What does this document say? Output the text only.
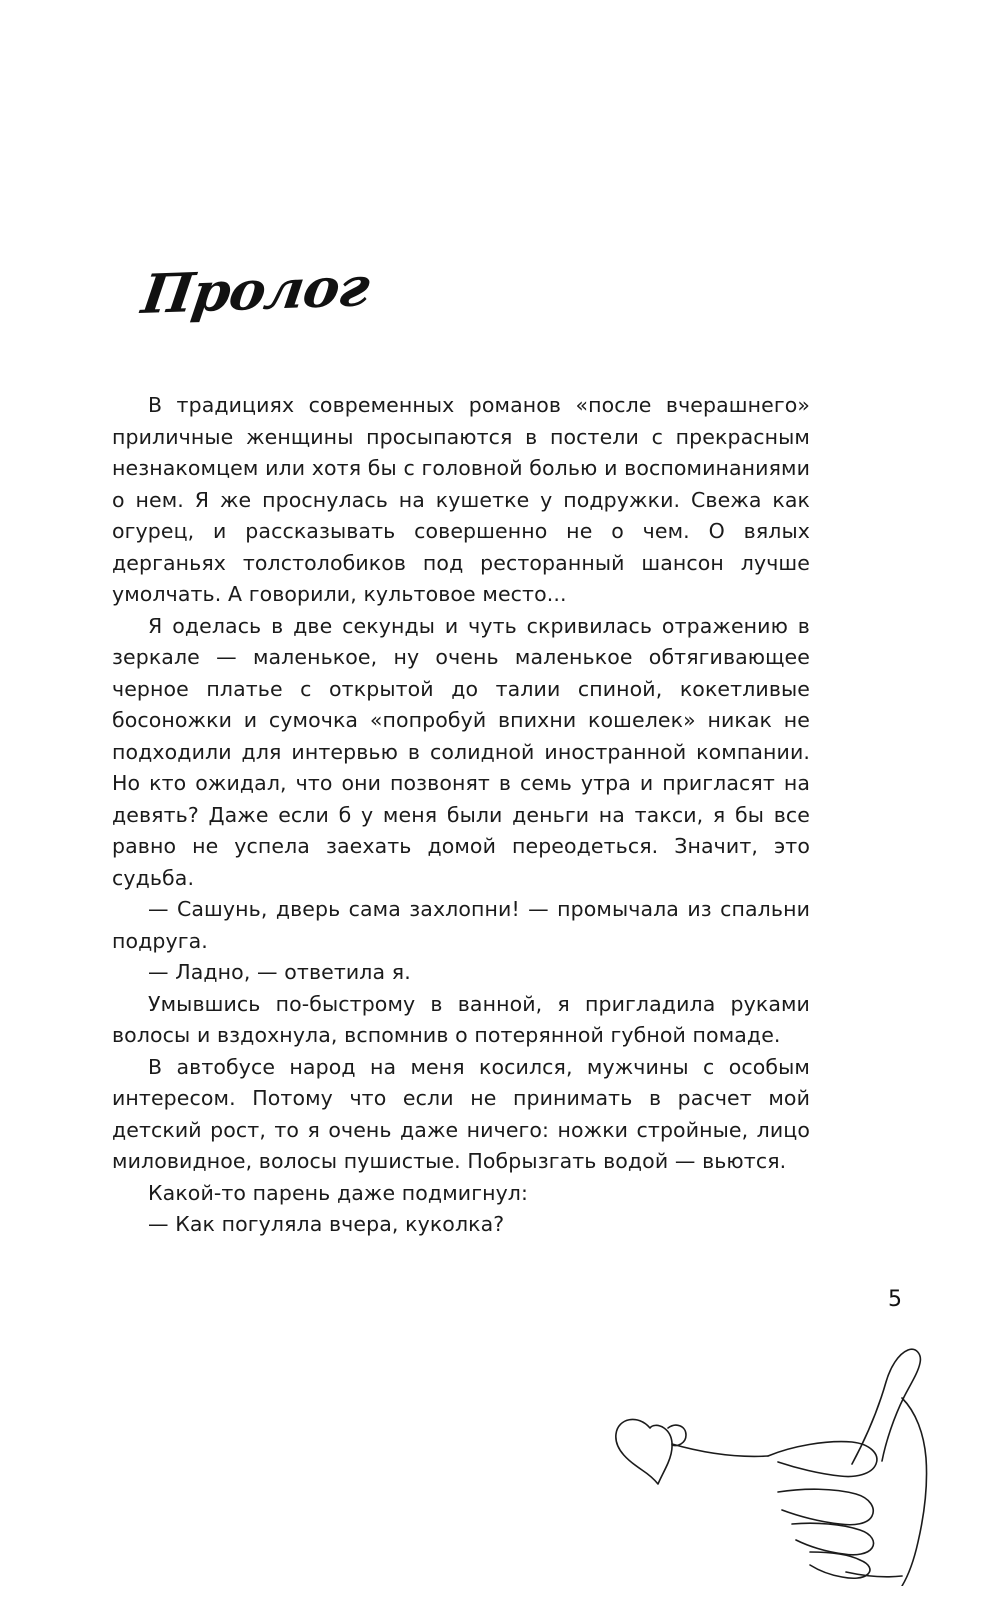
Пролог

В традициях современных романов «после вчерашнего» приличные женщины просыпаются в постели с прекрасным незнакомцем или хотя бы с головной болью и воспоминаниями о нем. Я же проснулась на кушетке у подружки. Свежа как огурец, и рассказывать совершенно не о чем. О вялых дерганьях толстолобиков под ресторанный шансон лучше умолчать. А говорили, культовое место...

Я оделась в две секунды и чуть скривилась отражению в зеркале — маленькое, ну очень маленькое обтягивающее черное платье с открытой до талии спиной, кокетливые босоножки и сумочка «попробуй впихни кошелек» никак не подходили для интервью в солидной иностранной компании. Но кто ожидал, что они позвонят в семь утра и пригласят на девять? Даже если б у меня были деньги на такси, я бы все равно не успела заехать домой переодеться. Значит, это судьба.

— Сашунь, дверь сама захлопни! — промычала из спальни подруга.

— Ладно, — ответила я.

Умывшись по-быстрому в ванной, я пригладила руками волосы и вздохнула, вспомнив о потерянной губной помаде.

В автобусе народ на меня косился, мужчины с особым интересом. Потому что если не принимать в расчет мой детский рост, то я очень даже ничего: ножки стройные, лицо миловидное, волосы пушистые. Побрызгать водой — вьются.

Какой-то парень даже подмигнул:

— Как погуляла вчера, куколка?

5
